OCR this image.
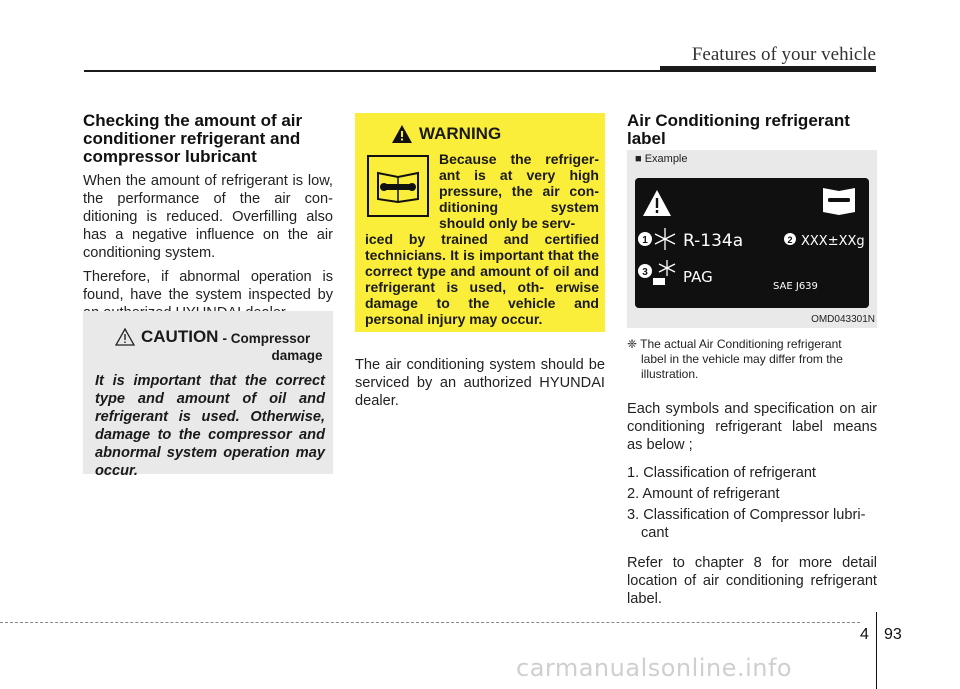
Features of your vehicle
Checking the amount of air conditioner refrigerant and compressor lubricant

When the amount of refrigerant is low, the performance of the air con- ditioning is reduced. Overfilling also has a negative influence on the air conditioning system.

Therefore, if abnormal operation is found, have the system inspected by

CAUTION - Compressor
damage

It is important that the correct type and amount of oil and refrigerant is used. Otherwise, damage to the compressor and abnormal system operation may occur.

WARNING

Because the refriger- ant is at very high pressure, the air con- ditioning system should only be serv-

iced by trained and certified technicians. It is important that the correct type and amount of oil and refrigerant is used, oth- erwise damage to the vehicle and personal injury may occur.

The air conditioning system should be serviced by an authorized HYUNDAI dealer.

Air Conditioning refrigerant label
■ Example
1 R-134a	2 XXX±XXg
3 PAG
SAE J639
OMD043301N
❈ The actual Air Conditioning refrigerant
label in the vehicle may differ from the illustration.

Each symbols and specification on air conditioning refrigerant label means as below ;

1. Classification of refrigerant
2. Amount of refrigerant
3. Classification of Compressor lubri-
cant

Refer to chapter 8 for more detail location of air conditioning refrigerant label.

4 93
carmanualsonline.info
